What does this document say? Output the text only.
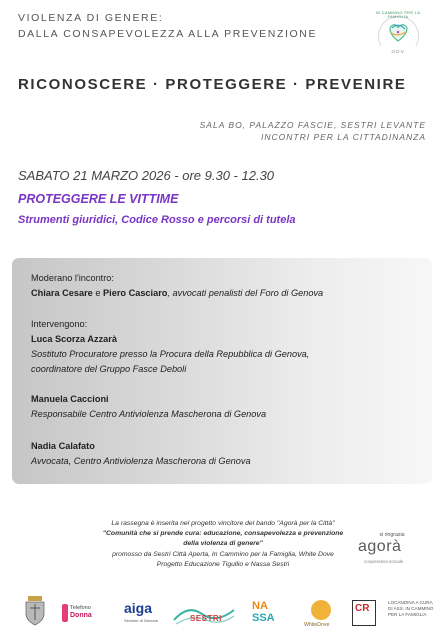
VIOLENZA DI GENERE:
DALLA CONSAPEVOLEZZA ALLA PREVENZIONE
IN CAMMINO PER LA FAMIGLIA
O.D.V.
RICONOSCERE · PROTEGGERE · PREVENIRE
SALA BO, PALAZZO FASCIE, SESTRI LEVANTE
INCONTRI PER LA CITTADINANZA
SABATO 21 MARZO 2026 - ore 9.30 - 12.30
PROTEGGERE LE VITTIME
Strumenti giuridici, Codice Rosso e percorsi di tutela
Moderano l'incontro:
Chiara Cesare e Piero Casciaro, avvocati penalisti del Foro di Genova
Intervengono:
Luca Scorza Azzarà
Sostituto Procuratore presso la Procura della Repubblica di Genova,
coordinatore del Gruppo Fasce Deboli
Manuela Caccioni
Responsabile Centro Antiviolenza Mascherona di Genova
Nadia Calafato
Avvocata, Centro Antiviolenza Mascherona di Genova
La rassegna è inserita nel progetto vincitore del bando "Agorà per la Città"
"Comunità che si prende cura: educazione, consapevolezza e prevenzione
della violenza di genere"
promosso da Sestri Città Aperta, In Cammino per la Famiglia, White Dove
Progetto Educazione Tigullio e Nassa Sestri
si ringrazia
agorà
cooperativa sociale
Telefono
Donna aiga
Sezione di Genova	SESTRI
NA
SSA
WhiteDove
CR
LOCANDINA A CURA DI ASS. IN CAMMINO PER LA FAMIGLIA
